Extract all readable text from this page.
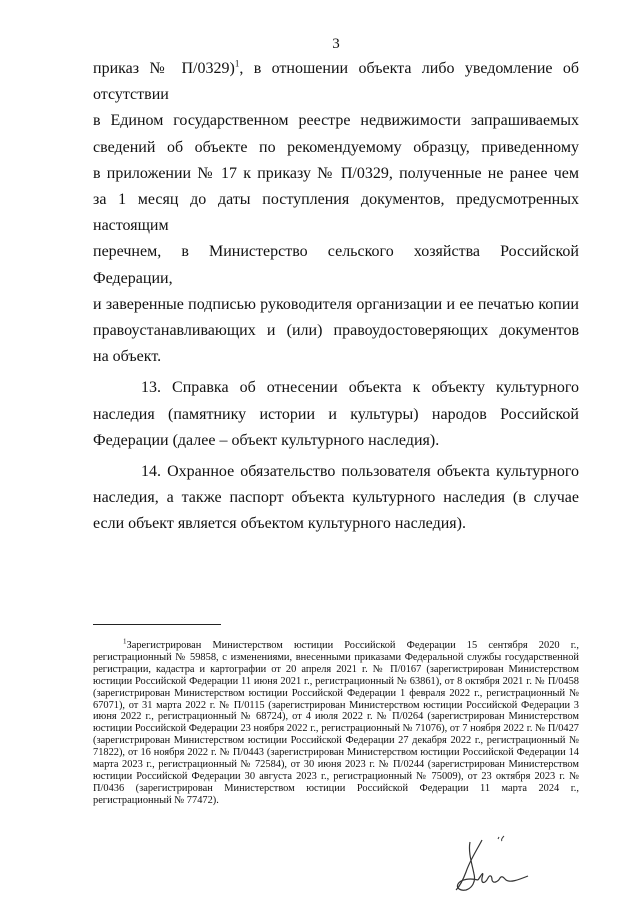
3

приказ № П/0329)$^1$, в отношении объекта либо уведомление об отсутствии
в Едином государственном реестре недвижимости запрашиваемых
сведений об объекте по рекомендуемому образцу, приведенному
в приложении № 17 к приказу № П/0329, полученные не ранее чем
за 1 месяц до даты поступления документов, предусмотренных настоящим
перечнем, в Министерство сельского хозяйства Российской Федерации,
и заверенные подписью руководителя организации и ее печатью копии
правоустанавливающих и (или) правоудостоверяющих документов
на объект.

13. Справка об отнесении объекта к объекту культурного наследия (памятнику истории и культуры) народов Российской Федерации (далее – объект культурного наследия).

14. Охранное обязательство пользователя объекта культурного наследия, а также паспорт объекта культурного наследия (в случае если объект является объектом культурного наследия).

$^1$Зарегистрирован Министерством юстиции Российской Федерации 15 сентября 2020 г., регистрационный № 59858, с изменениями, внесенными приказами Федеральной службы государственной регистрации, кадастра и картографии от 20 апреля 2021 г. № П/0167 (зарегистрирован Министерством юстиции Российской Федерации 11 июня 2021 г., регистрационный № 63861), от 8 октября 2021 г. № П/0458 (зарегистрирован Министерством юстиции Российской Федерации 1 февраля 2022 г., регистрационный № 67071), от 31 марта 2022 г. № П/0115 (зарегистрирован Министерством юстиции Российской Федерации 3 июня 2022 г., регистрационный № 68724), от 4 июля 2022 г. № П/0264 (зарегистрирован Министерством юстиции Российской Федерации 23 ноября 2022 г., регистрационный № 71076), от 7 ноября 2022 г. № П/0427 (зарегистрирован Министерством юстиции Российской Федерации 27 декабря 2022 г., регистрационный № 71822), от 16 ноября 2022 г. № П/0443 (зарегистрирован Министерством юстиции Российской Федерации 14 марта 2023 г., регистрационный № 72584), от 30 июня 2023 г. № П/0244 (зарегистрирован Министерством юстиции Российской Федерации 30 августа 2023 г., регистрационный № 75009), от 23 октября 2023 г. № П/0436 (зарегистрирован Министерством юстиции Российской Федерации 11 марта 2024 г., регистрационный № 77472).
